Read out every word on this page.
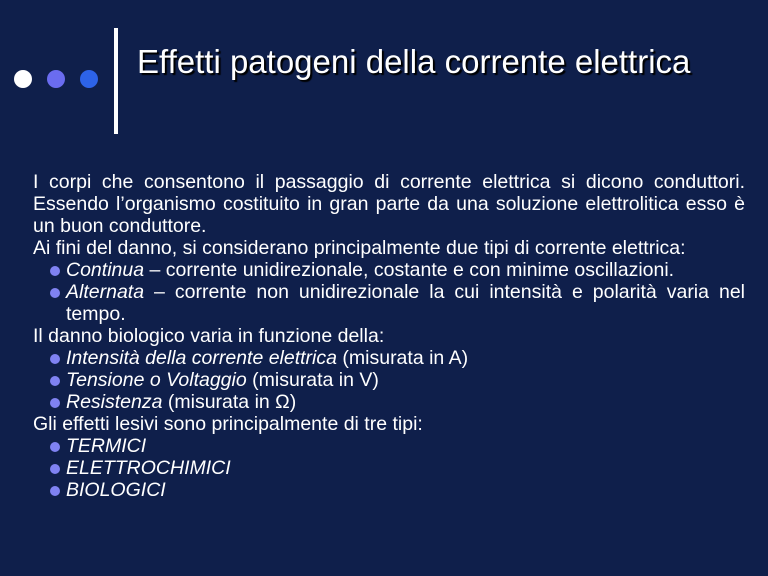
Effetti patogeni della corrente elettrica
I corpi che consentono il passaggio di corrente elettrica si dicono conduttori. Essendo l’organismo costituito in gran parte da una soluzione elettrolitica esso è un buon conduttore.
Ai fini del danno, si considerano principalmente due tipi di corrente elettrica:
Continua – corrente unidirezionale, costante e con minime oscillazioni.
Alternata – corrente non unidirezionale la cui intensità e polarità varia nel tempo.
Il danno biologico varia in funzione della:
Intensità della corrente elettrica (misurata in A)
Tensione o Voltaggio (misurata in V)
Resistenza (misurata in Ω)
Gli effetti lesivi sono principalmente di tre tipi:
TERMICI
ELETTROCHIMICI
BIOLOGICI
